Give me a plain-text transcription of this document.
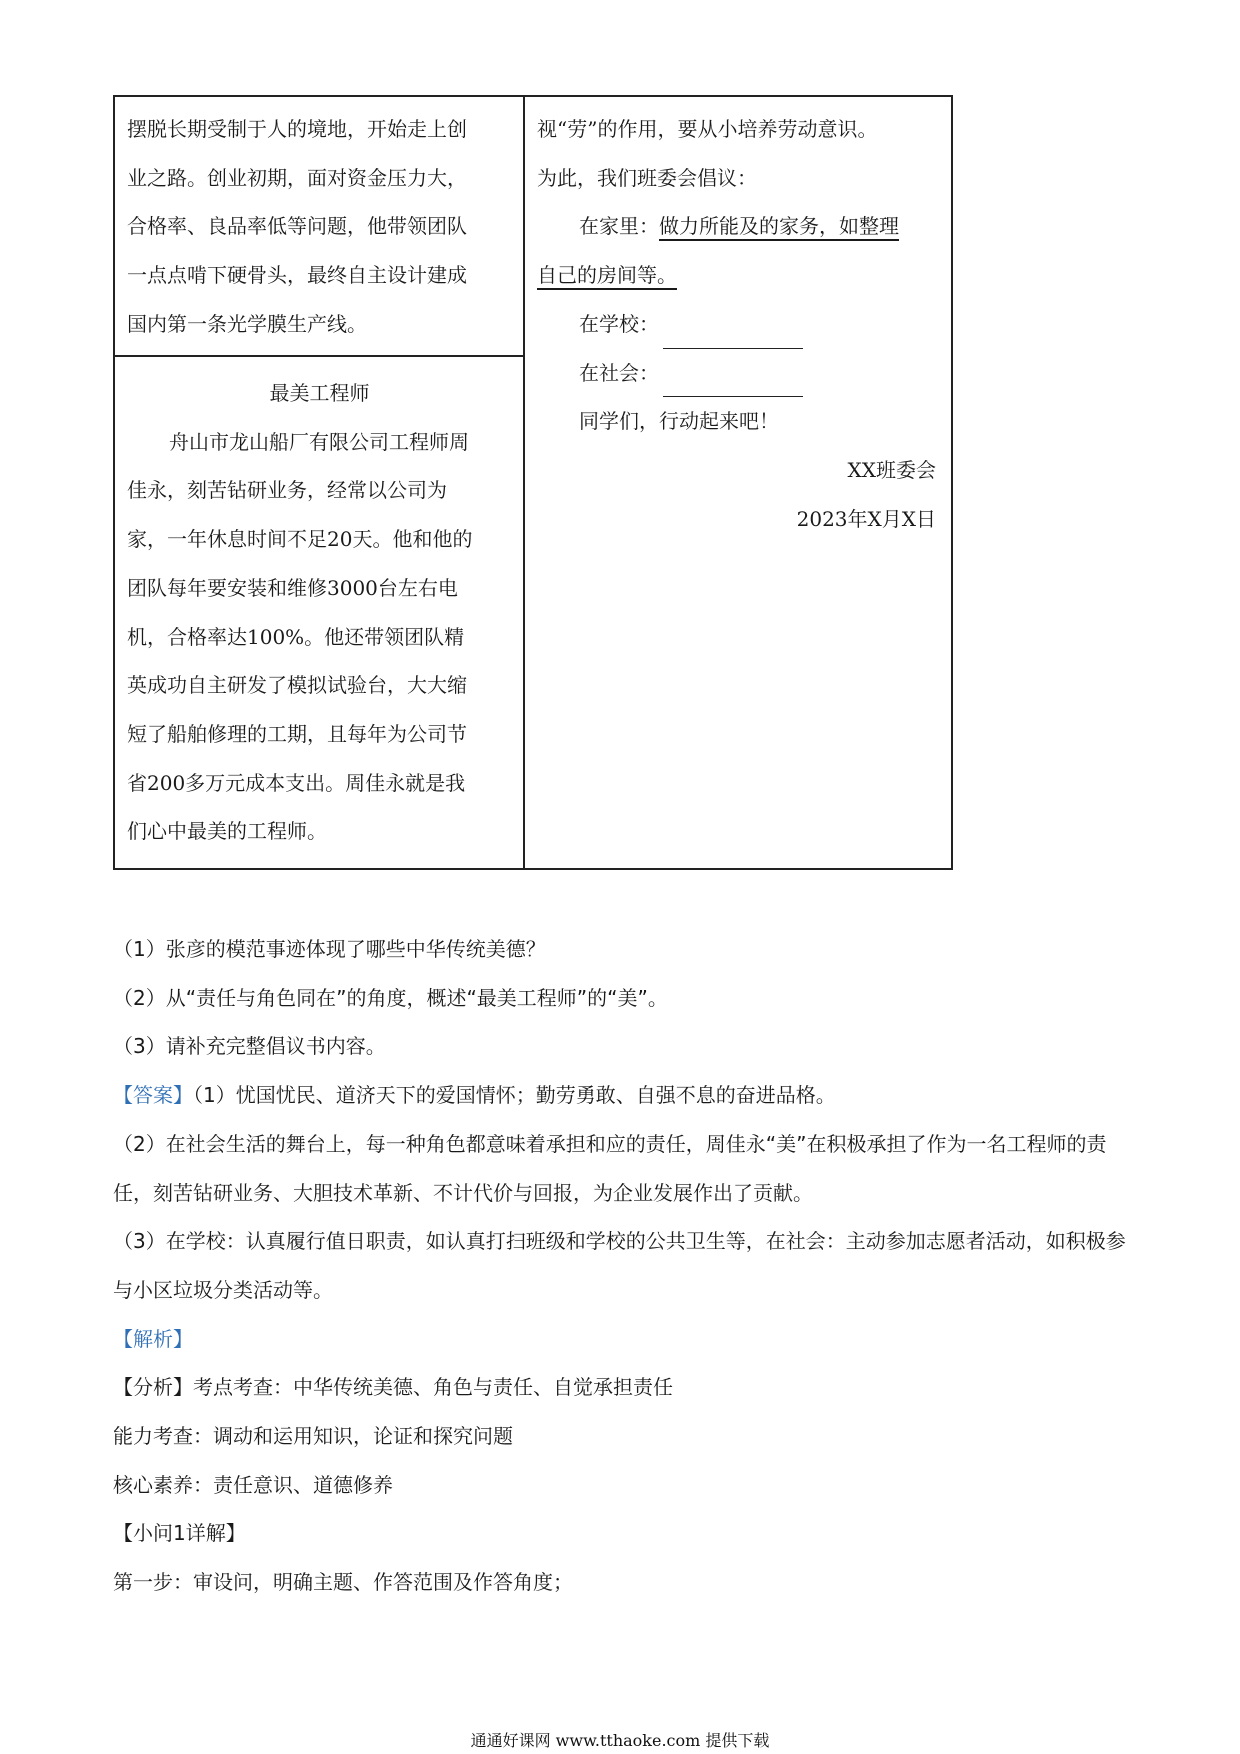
摆脱长期受制于人的境地，开始走上创

业之路。创业初期，面对资金压力大，

合格率、良品率低等问题，他带领团队

一点点啃下硬骨头，最终自主设计建成

国内第一条光学膜生产线。

最美工程师

舟山市龙山船厂有限公司工程师周

佳永，刻苦钻研业务，经常以公司为

家，一年休息时间不足20天。他和他的

团队每年要安装和维修3000台左右电

机，合格率达100%。他还带领团队精

英成功自主研发了模拟试验台，大大缩

短了船舶修理的工期，且每年为公司节

省200多万元成本支出。周佳永就是我

们心中最美的工程师。

视“劳”的作用，要从小培养劳动意识。

为此，我们班委会倡议：

在家里：做力所能及的家务，如整理

自己的房间等。

在学校：

在社会：

同学们，行动起来吧！

XX班委会

2023年X月X日

（1）张彦的模范事迹体现了哪些中华传统美德？

（2）从“责任与角色同在”的角度，概述“最美工程师”的“美”。

（3）请补充完整倡议书内容。

【答案】（1）忧国忧民、道济天下的爱国情怀；勤劳勇敢、自强不息的奋进品格。

（2）在社会生活的舞台上，每一种角色都意味着承担和应的责任，周佳永“美”在积极承担了作为一名工程师的责任，刻苦钻研业务、大胆技术革新、不计代价与回报，为企业发展作出了贡献。

（3）在学校：认真履行值日职责，如认真打扫班级和学校的公共卫生等，在社会：主动参加志愿者活动，如积极参与小区垃圾分类活动等。

【解析】

【分析】考点考查：中华传统美德、角色与责任、自觉承担责任

能力考查：调动和运用知识，论证和探究问题

核心素养：责任意识、道德修养

【小问1详解】

第一步：审设问，明确主题、作答范围及作答角度；

通通好课网 www.tthaoke.com 提供下载
